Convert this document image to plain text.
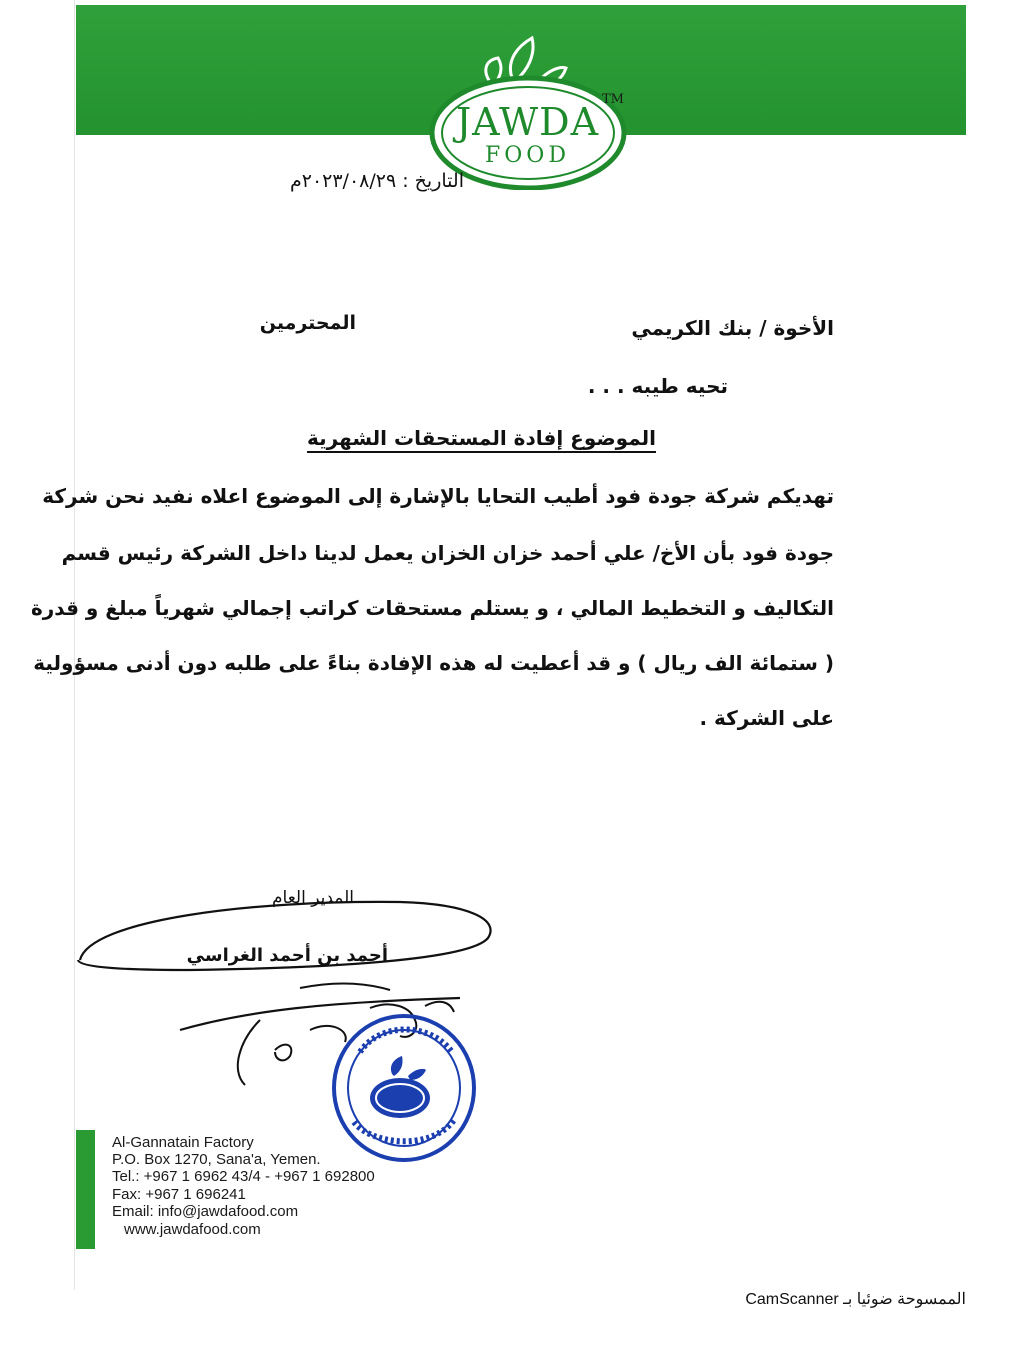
JAWDA
FOOD
TM
التاريخ : ٢٠٢٣/٠٨/٢٩م
الأخوة / بنك الكريمي
المحترمين
تحيه طيبه . . .
الموضوع إفادة المستحقات الشهرية
تهديكم شركة جودة فود أطيب التحايا بالإشارة إلى الموضوع اعلاه نفيد نحن شركة
جودة فود بأن الأخ/ علي أحمد خزان الخزان يعمل لدينا داخل الشركة رئيس قسم
التكاليف و التخطيط المالي ، و يستلم مستحقات كراتب إجمالي شهرياً مبلغ و قدرة
( ستمائة الف ريال ) و قد أعطيت له هذه الإفادة بناءً على طلبه دون أدنى مسؤولية
على الشركة .
المدير العام
أحمد بن أحمد الغراسي
Al-Gannatain Factory
P.O. Box 1270, Sana'a, Yemen.
Tel.: +967 1 6962 43/4 - +967 1 692800
Fax: +967 1 696241
Email: info@jawdafood.com
www.jawdafood.com
الممسوحة ضوئيا بـ CamScanner
